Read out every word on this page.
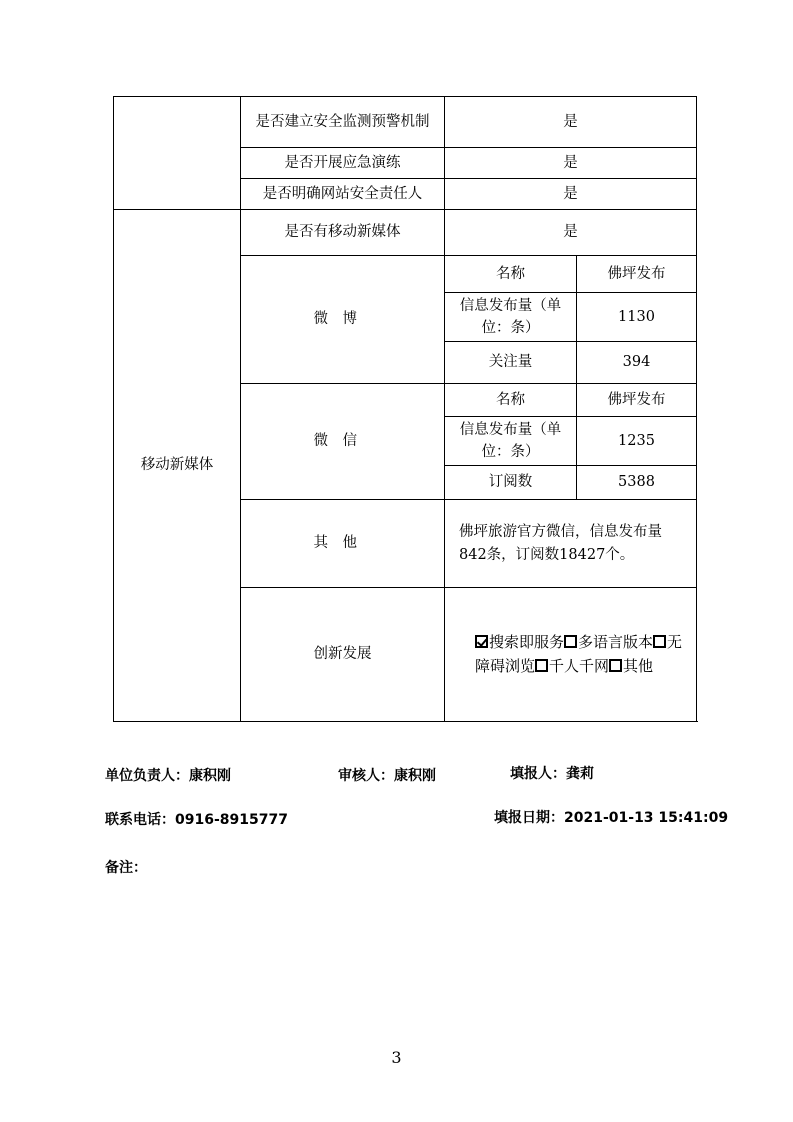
	是否建立安全监测预警机制	是	
	是否开展应急演练	是	
	是否明确网站安全责任人	是	
移动新媒体	是否有移动新媒体	是	
	微博	名称	佛坪发布
		信息发布量（单位：条）	1130
		关注量	394
	微信	名称	佛坪发布
		信息发布量（单位：条）	1235
		订阅数	5388
	其他	佛坪旅游官方微信，信息发布量842条，订阅数18427个。	
	创新发展	搜索即服务 多语言版本 无障碍浏览 千人千网 其他	
单位负责人：康积刚	审核人：康积刚	填报人：龚莉
联系电话：0916-8915777	填报日期：2021-01-13 15:41:09
备注：
3
